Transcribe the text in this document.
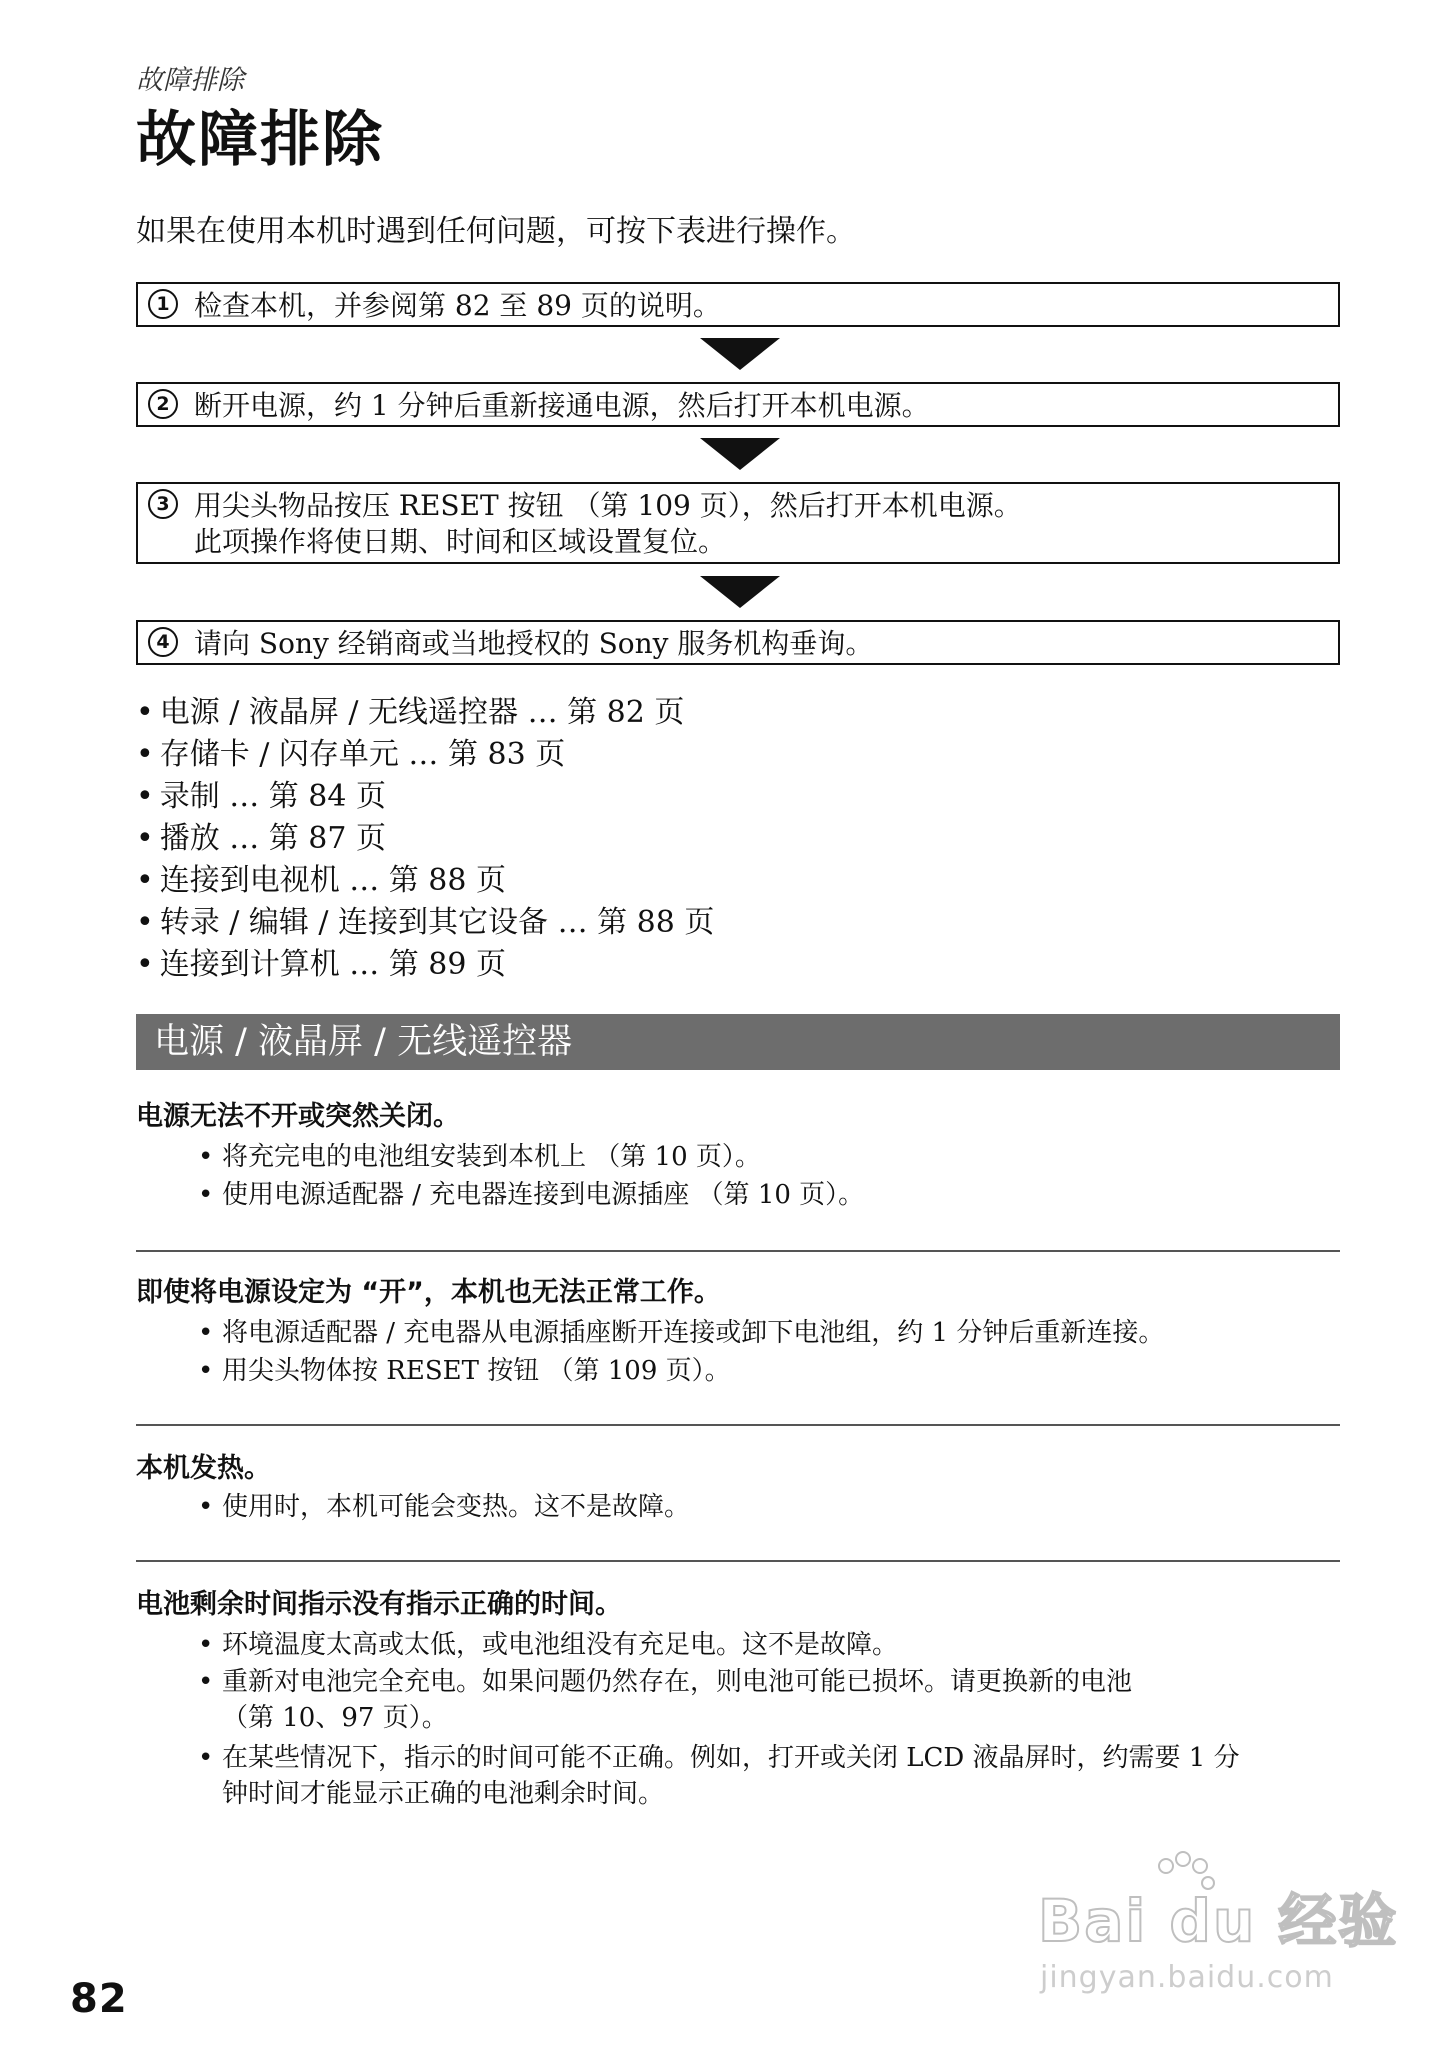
故障排除
故障排除

如果在使用本机时遇到任何问题，可按下表进行操作。

1 检查本机，并参阅第 82 至 89 页的说明。
2 断开电源，约 1 分钟后重新接通电源，然后打开本机电源。
3 用尖头物品按压 RESET 按钮 （第 109 页），然后打开本机电源。
此项操作将使日期、时间和区域设置复位。
4 请向 Sony 经销商或当地授权的 Sony 服务机构垂询。
• 电源 / 液晶屏 / 无线遥控器 … 第 82 页
• 存储卡 / 闪存单元 … 第 83 页
• 录制 … 第 84 页
• 播放 … 第 87 页
• 连接到电视机 … 第 88 页
• 转录 / 编辑 / 连接到其它设备 … 第 88 页
• 连接到计算机 … 第 89 页
电源 / 液晶屏 / 无线遥控器
电源无法不开或突然关闭。
• 将充完电的电池组安装到本机上 （第 10 页）。
• 使用电源适配器 / 充电器连接到电源插座 （第 10 页）。
即使将电源设定为 “开”，本机也无法正常工作。
• 将电源适配器 / 充电器从电源插座断开连接或卸下电池组，约 1 分钟后重新连接。
• 用尖头物体按 RESET 按钮 （第 109 页）。
本机发热。
• 使用时，本机可能会变热。这不是故障。
电池剩余时间指示没有指示正确的时间。
• 环境温度太高或太低，或电池组没有充足电。这不是故障。
• 重新对电池完全充电。如果问题仍然存在，则电池可能已损坏。请更换新的电池
（第 10、97 页）。
• 在某些情况下，指示的时间可能不正确。例如，打开或关闭 LCD 液晶屏时，约需要 1 分
钟时间才能显示正确的电池剩余时间。
82
Bai du 经验
jingyan.baidu.com
